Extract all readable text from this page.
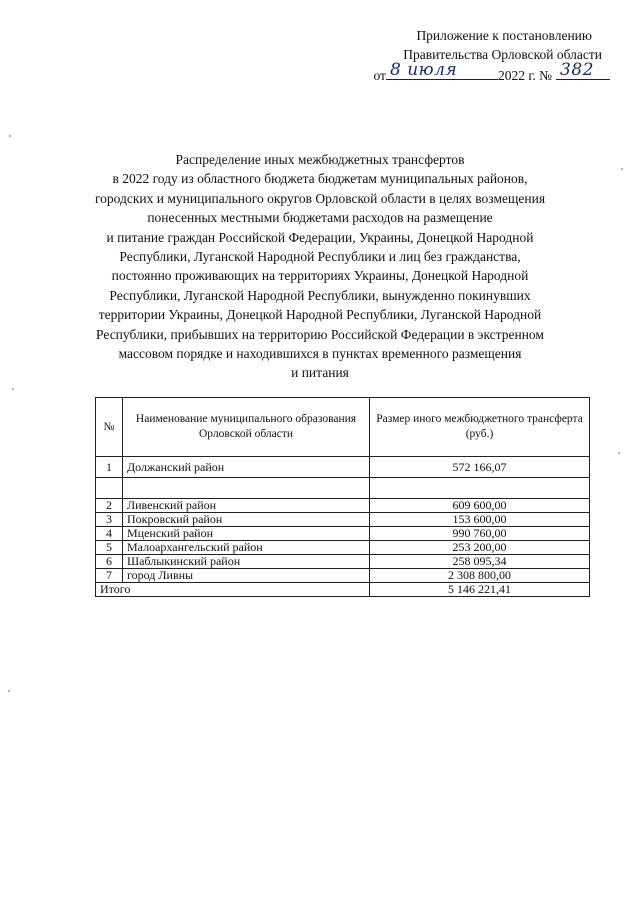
Приложение к постановлению
Правительства Орловской области
от 8 июля	2022 г. № 382
Распределение иных межбюджетных трансфертов
в 2022 году из областного бюджета бюджетам муниципальных районов,
городских и муниципального округов Орловской области в целях возмещения
понесенных местными бюджетами расходов на размещение
и питание граждан Российской Федерации, Украины, Донецкой Народной
Республики, Луганской Народной Республики и лиц без гражданства,
постоянно проживающих на территориях Украины, Донецкой Народной
Республики, Луганской Народной Республики, вынужденно покинувших
территории Украины, Донецкой Народной Республики, Луганской Народной
Республики, прибывших на территорию Российской Федерации в экстренном
массовом порядке и находившихся в пунктах временного размещения
и питания
№	Наименование муниципального образования Орловской области	Размер иного межбюджетного трансферта (руб.)
1	Должанский район	572 166,07

2	Ливенский район	609 600,00
3	Покровский район	153 600,00
4	Мценский район	990 760,00
5	Малоархангельский район	253 200,00
6	Шаблыкинский район	258 095,34
7	город Ливны	2 308 800,00
Итого		5 146 221,41
